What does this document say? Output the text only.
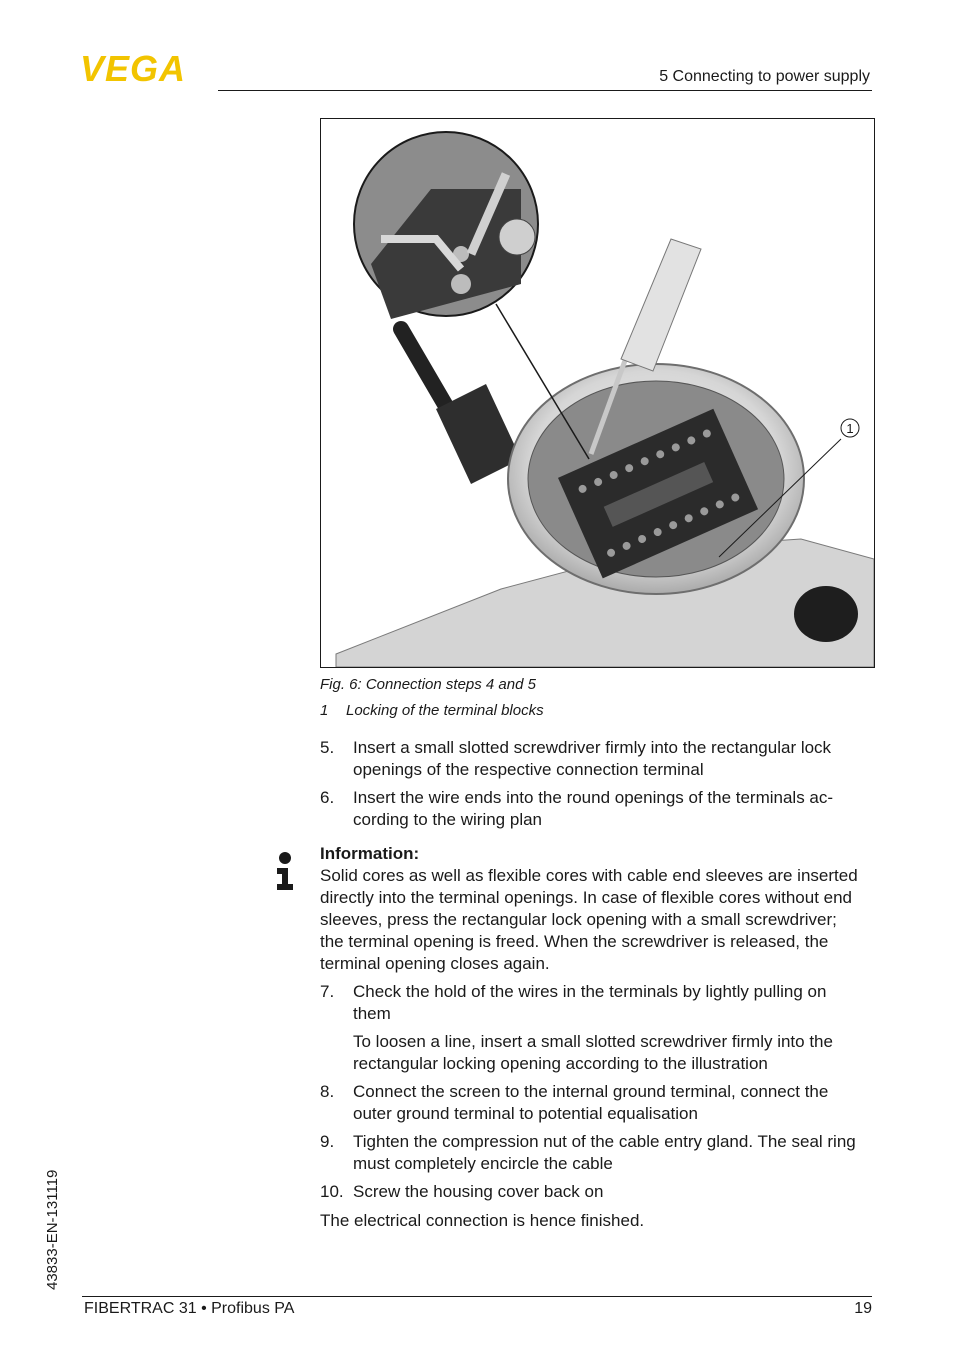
VEGA	5 Connecting to power supply
1
Fig. 6: Connection steps 4 and 5
1 Locking of the terminal blocks
5. Insert a small slotted screwdriver firmly into the rectangular lock openings of the respective connection terminal
6. Insert the wire ends into the round openings of the terminals ac-cording to the wiring plan
Information:
Solid cores as well as flexible cores with cable end sleeves are inserted directly into the terminal openings. In case of flexible cores without end sleeves, press the rectangular lock opening with a small screwdriver; the terminal opening is freed. When the screwdriver is released, the terminal opening closes again.
7. Check the hold of the wires in the terminals by lightly pulling on them
To loosen a line, insert a small slotted screwdriver firmly into the rectangular locking opening according to the illustration
8. Connect the screen to the internal ground terminal, connect the outer ground terminal to potential equalisation
9. Tighten the compression nut of the cable entry gland. The seal ring must completely encircle the cable
10. Screw the housing cover back on
The electrical connection is hence finished.
43833-EN-131119
FIBERTRAC 31 • Profibus PA	19
